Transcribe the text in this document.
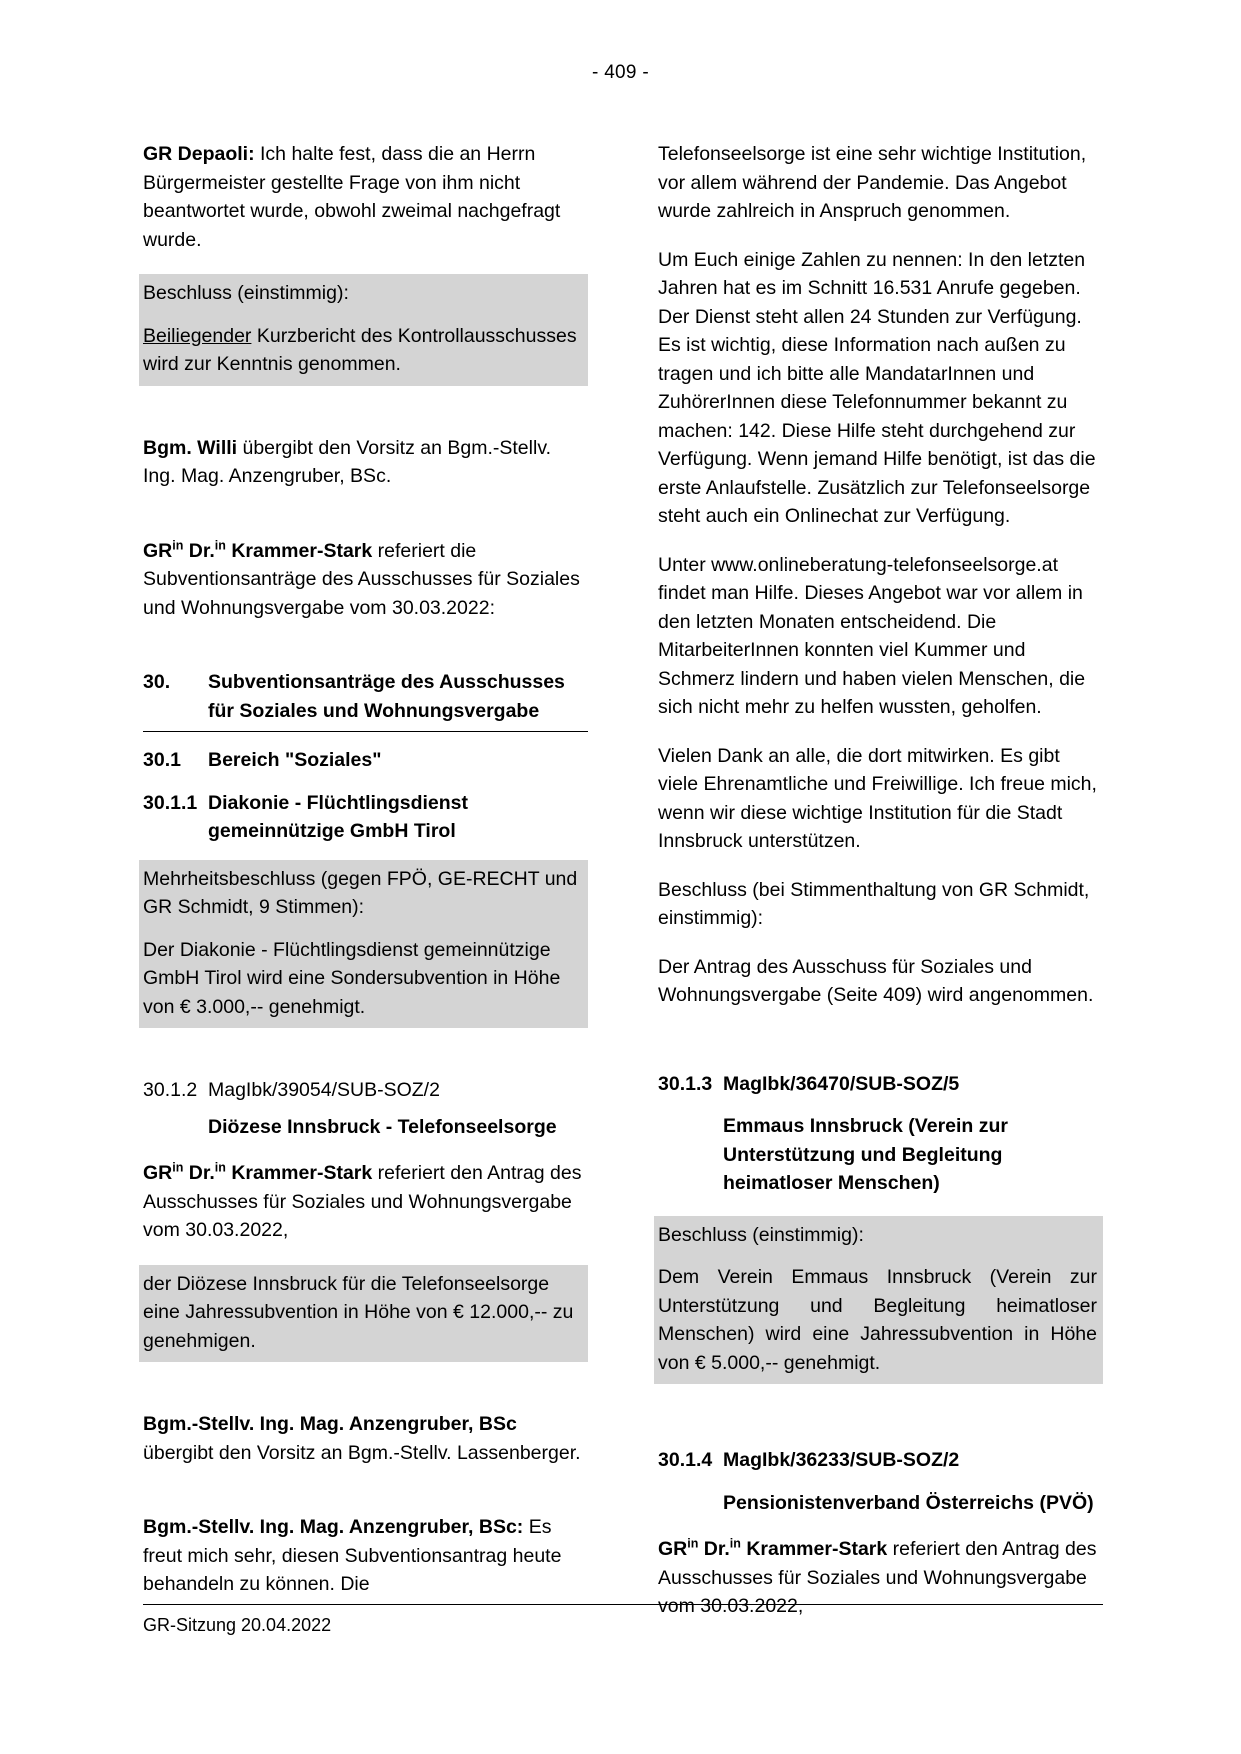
- 409 -

GR Depaoli: Ich halte fest, dass die an Herrn Bürgermeister gestellte Frage von ihm nicht beantwortet wurde, obwohl zweimal nachgefragt wurde.

Beschluss (einstimmig):

Beiliegender Kurzbericht des Kontrollausschusses wird zur Kenntnis genommen.

Bgm. Willi übergibt den Vorsitz an Bgm.-Stellv. Ing. Mag. Anzengruber, BSc.

$GR^{in}$ Dr.$^{in}$ Krammer-Stark referiert die Subventionsanträge des Ausschusses für Soziales und Wohnungsvergabe vom 30.03.2022:

30.	Subventionsanträge des Ausschusses für Soziales und Wohnungsvergabe
30.1	Bereich "Soziales"
30.1.1 Diakonie - Flüchtlingsdienst gemeinnützige GmbH Tirol

Mehrheitsbeschluss (gegen FPÖ, GE-RECHT und GR Schmidt, 9 Stimmen):

Der Diakonie - Flüchtlingsdienst gemeinnützige GmbH Tirol wird eine Sondersubvention in Höhe von € 3.000,-- genehmigt.

30.1.2 MagIbk/39054/SUB-SOZ/2
Diözese Innsbruck - Telefonseelsorge

$GR^{in}$ Dr.$^{in}$ Krammer-Stark referiert den Antrag des Ausschusses für Soziales und Wohnungsvergabe vom 30.03.2022,

der Diözese Innsbruck für die Telefonseelsorge eine Jahressubvention in Höhe von € 12.000,-- zu genehmigen.

Bgm.-Stellv. Ing. Mag. Anzengruber, BSc übergibt den Vorsitz an Bgm.-Stellv. Lassenberger.

Bgm.-Stellv. Ing. Mag. Anzengruber, BSc: Es freut mich sehr, diesen Subventionsantrag heute behandeln zu können. Die

Telefonseelsorge ist eine sehr wichtige Institution, vor allem während der Pandemie. Das Angebot wurde zahlreich in Anspruch genommen.

Um Euch einige Zahlen zu nennen: In den letzten Jahren hat es im Schnitt 16.531 Anrufe gegeben. Der Dienst steht allen 24 Stunden zur Verfügung. Es ist wichtig, diese Information nach außen zu tragen und ich bitte alle MandatarInnen und ZuhörerInnen diese Telefonnummer bekannt zu machen: 142. Diese Hilfe steht durchgehend zur Verfügung. Wenn jemand Hilfe benötigt, ist das die erste Anlaufstelle. Zusätzlich zur Telefonseelsorge steht auch ein Onlinechat zur Verfügung.

Unter www.onlineberatung-telefonseelsorge.at findet man Hilfe. Dieses Angebot war vor allem in den letzten Monaten entscheidend. Die MitarbeiterInnen konnten viel Kummer und Schmerz lindern und haben vielen Menschen, die sich nicht mehr zu helfen wussten, geholfen.

Vielen Dank an alle, die dort mitwirken. Es gibt viele Ehrenamtliche und Freiwillige. Ich freue mich, wenn wir diese wichtige Institution für die Stadt Innsbruck unterstützen.

Beschluss (bei Stimmenthaltung von GR Schmidt, einstimmig):

Der Antrag des Ausschuss für Soziales und Wohnungsvergabe (Seite 409) wird angenommen.

30.1.3 MagIbk/36470/SUB-SOZ/5
Emmaus Innsbruck (Verein zur Unterstützung und Begleitung heimatloser Menschen)

Beschluss (einstimmig):

Dem Verein Emmaus Innsbruck (Verein zur Unterstützung und Begleitung heimatloser Menschen) wird eine Jahressubvention in Höhe von € 5.000,-- genehmigt.

30.1.4 MagIbk/36233/SUB-SOZ/2
Pensionistenverband Österreichs (PVÖ)

$GR^{in}$ Dr.$^{in}$ Krammer-Stark referiert den Antrag des Ausschusses für Soziales und Wohnungsvergabe vom 30.03.2022,

GR-Sitzung 20.04.2022
